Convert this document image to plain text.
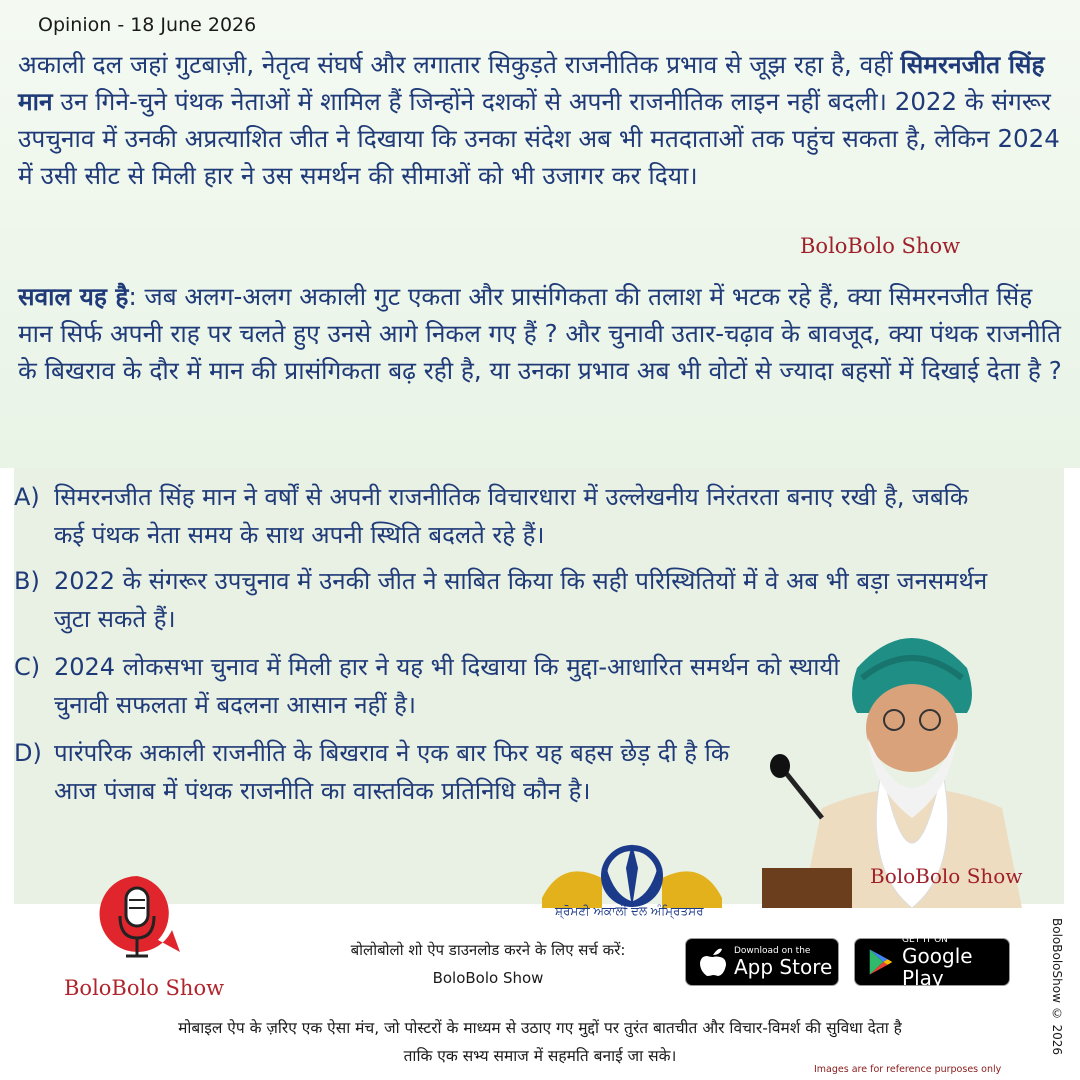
Opinion - 18 June 2026

अकाली दल जहां गुटबाज़ी, नेतृत्व संघर्ष और लगातार सिकुड़ते राजनीतिक प्रभाव से जूझ रहा है, वहीं सिमरनजीत सिंह मान उन गिने-चुने पंथक नेताओं में शामिल हैं जिन्होंने दशकों से अपनी राजनीतिक लाइन नहीं बदली। 2022 के संगरूर उपचुनाव में उनकी अप्रत्याशित जीत ने दिखाया कि उनका संदेश अब भी मतदाताओं तक पहुंच सकता है, लेकिन 2024 में उसी सीट से मिली हार ने उस समर्थन की सीमाओं को भी उजागर कर दिया।

BoloBolo Show

सवाल यह है: जब अलग-अलग अकाली गुट एकता और प्रासंगिकता की तलाश में भटक रहे हैं, क्या सिमरनजीत सिंह मान सिर्फ अपनी राह पर चलते हुए उनसे आगे निकल गए हैं ? और चुनावी उतार-चढ़ाव के बावजूद, क्या पंथक राजनीति के बिखराव के दौर में मान की प्रासंगिकता बढ़ रही है, या उनका प्रभाव अब भी वोटों से ज्यादा बहसों में दिखाई देता है ?

A) सिमरनजीत सिंह मान ने वर्षों से अपनी राजनीतिक विचारधारा में उल्लेखनीय निरंतरता बनाए रखी है, जबकि कई पंथक नेता समय के साथ अपनी स्थिति बदलते रहे हैं।
B) 2022 के संगरूर उपचुनाव में उनकी जीत ने साबित किया कि सही परिस्थितियों में वे अब भी बड़ा जनसमर्थन जुटा सकते हैं।
C) 2024 लोकसभा चुनाव में मिली हार ने यह भी दिखाया कि मुद्दा-आधारित समर्थन को स्थायी चुनावी सफलता में बदलना आसान नहीं है।
D) पारंपरिक अकाली राजनीति के बिखराव ने एक बार फिर यह बहस छेड़ दी है कि आज पंजाब में पंथक राजनीति का वास्तविक प्रतिनिधि कौन है।
ਸ਼੍ਰੋਮਣੀ ਅਕਾਲੀ ਦਲ ਅੰਮ੍ਰਿਤਸਰ
BoloBolo Show
BoloBolo Show
बोलोबोलो शो ऐप डाउनलोड करने के लिए सर्च करें:
BoloBolo Show
Download on the
App Store
GET IT ON
Google Play	BoloBoloShow © 2026
मोबाइल ऐप के ज़रिए एक ऐसा मंच, जो पोस्टरों के माध्यम से उठाए गए मुद्दों पर तुरंत बातचीत और विचार-विमर्श की सुविधा देता है
ताकि एक सभ्य समाज में सहमति बनाई जा सके।
Images are for reference purposes only
